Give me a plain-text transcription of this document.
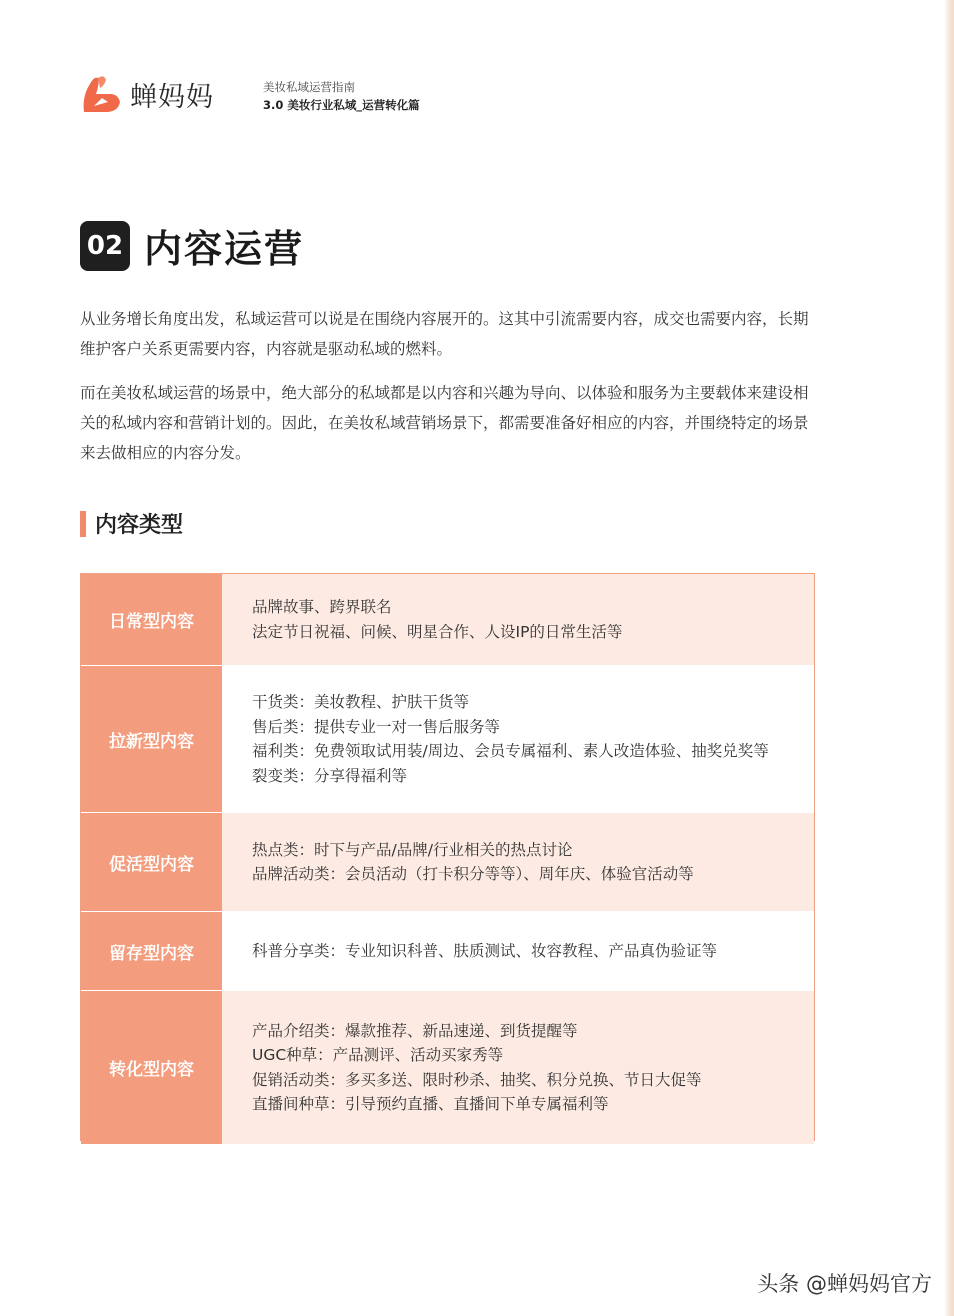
蝉妈妈	美妆私域运营指南
3.0 美妆行业私域_运营转化篇
02 内容运营

从业务增长角度出发，私域运营可以说是在围绕内容展开的。这其中引流需要内容，成交也需要内容，长期维护客户关系更需要内容，内容就是驱动私域的燃料。

而在美妆私域运营的场景中，绝大部分的私域都是以内容和兴趣为导向、以体验和服务为主要载体来建设相关的私域内容和营销计划的。因此，在美妆私域营销场景下，都需要准备好相应的内容，并围绕特定的场景来去做相应的内容分发。

内容类型
日常型内容
品牌故事、跨界联名
法定节日祝福、问候、明星合作、人设IP的日常生活等
拉新型内容
干货类：美妆教程、护肤干货等
售后类：提供专业一对一售后服务等
福利类：免费领取试用装/周边、会员专属福利、素人改造体验、抽奖兑奖等
裂变类：分享得福利等
促活型内容
热点类：时下与产品/品牌/行业相关的热点讨论
品牌活动类：会员活动（打卡积分等等）、周年庆、体验官活动等
留存型内容	科普分享类：专业知识科普、肤质测试、妆容教程、产品真伪验证等
转化型内容
产品介绍类：爆款推荐、新品速递、到货提醒等
UGC种草：产品测评、活动买家秀等
促销活动类：多买多送、限时秒杀、抽奖、积分兑换、节日大促等
直播间种草：引导预约直播、直播间下单专属福利等
头条 @蝉妈妈官方
